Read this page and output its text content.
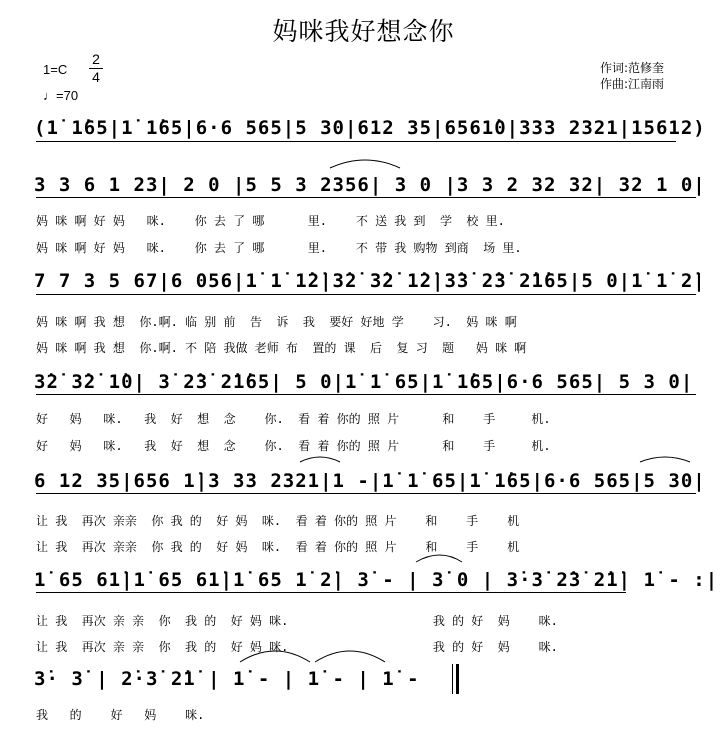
妈咪我好想念你
1=C
2
4
♩=70
作词:范修奎
作曲:江南雨
(1̇ 1̇65|1̇ 1̇65|6·6 565|5 30|612 35|6561̇0|333 2321|15612)
3 3 6 1 23| 2 0 |5 5 3 2356| 3 0 |3 3 2 32 32| 32 1 0|
妈 咪 啊 好 妈   咪.    你 去 了 哪      里.    不 送 我 到  学  校 里.
妈 咪 啊 好 妈   咪.    你 去 了 哪      里.    不 带 我 购物 到商  场 里.
7 7 3 5 67|6 056|1̇ 1̇ 1̇2̇|3̇2̇ 3̇2̇ 1̇2̇|3̇3̇ 2̇3̇ 2̇1̇65|5 0|1̇ 1̇ 2̇|
妈 咪 啊 我 想  你.啊. 临 别 前  告  诉  我  要好 好地 学    习.  妈 咪 啊
妈 咪 啊 我 想  你.啊. 不 陪 我做 老师 布  置的 课  后  复 习  题   妈 咪 啊
3̇2̇ 3̇2̇ 1̇0| 3̇ 2̇3̇ 2̇1̇65| 5 0|1̇ 1̇ 65|1̇ 1̇65|6·6 565| 5 3 0|
好   妈   咪.   我  好  想  念    你.  看 着 你的 照 片      和    手     机.
好   妈   咪.   我  好  想  念    你.  看 着 你的 照 片      和    手     机.
6 12 35|656 1̇|3 33 2321|1 -|1̇ 1̇ 65|1̇ 1̇65|6·6 565|5 30|
让 我  再次 亲亲  你 我 的  好 妈  咪.  看 着 你的 照 片    和    手    机
让 我  再次 亲亲  你 我 的  好 妈  咪.  看 着 你的 照 片    和    手    机
1̇ 65 61̇|1̇ 65 61̇|1̇ 65 1̇ 2̇| 3̇ - | 3̇ 0 | 3̇·3̇ 2̇3̇ 2̇1̇| 1̇ - :|
让 我  再次 亲 亲  你  我 的  好 妈 咪.                    我 的 好  妈    咪.
让 我  再次 亲 亲  你  我 的  好 妈 咪.                    我 的 好  妈    咪.
3̇· 3̇ | 2̇·3̇ 2̇1̇ | 1̇ - | 1̇ - | 1̇ -
我   的    好   妈    咪.
